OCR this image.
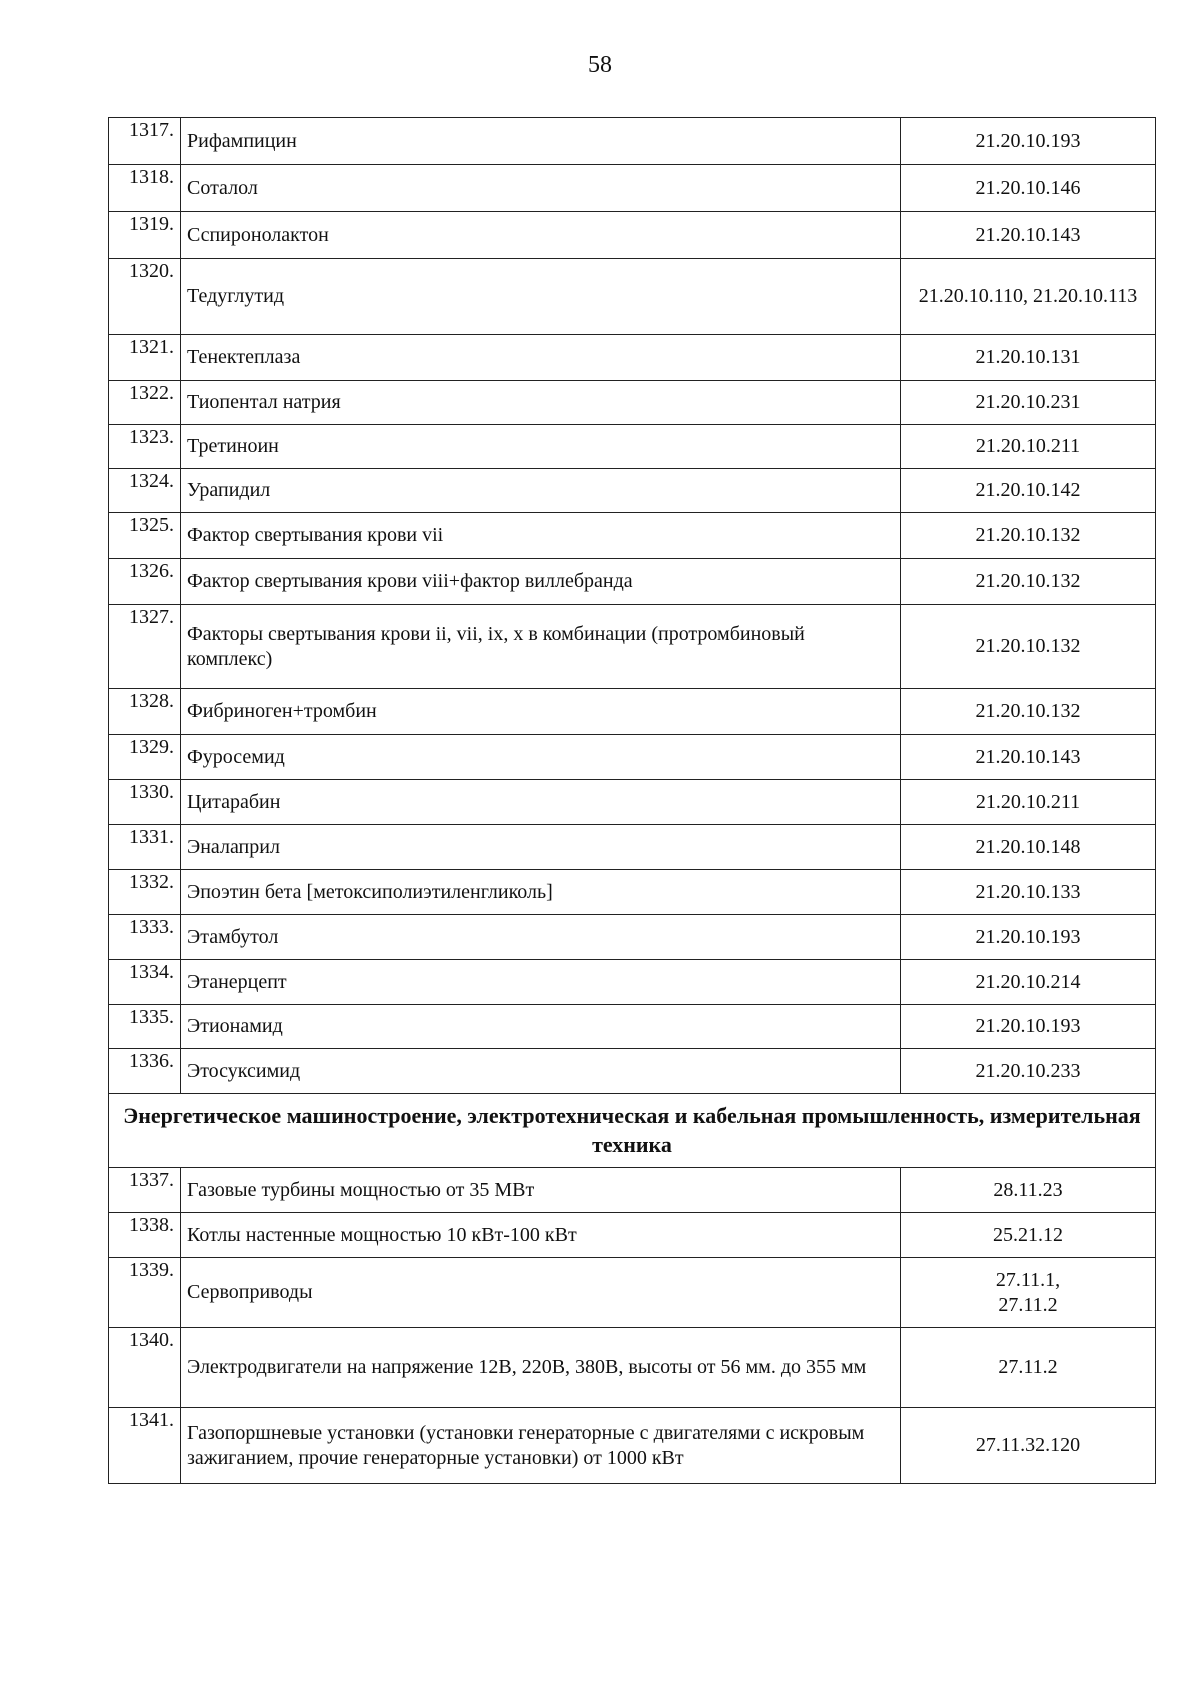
58
1317.	Рифампицин	21.20.10.193

1318.	Соталол	21.20.10.146

1319.	Сспиронолактон	21.20.10.143

1320.	Тедуглутид	21.20.10.110, 21.20.10.113

1321.	Тенектеплаза	21.20.10.131

1322.	Тиопентал натрия	21.20.10.231

1323.	Третиноин	21.20.10.211

1324.	Урапидил	21.20.10.142

1325.	Фактор свертывания крови vii	21.20.10.132

1326.	Фактор свертывания крови viii+фактор виллебранда	21.20.10.132

1327.	Факторы свертывания крови ii, vii, ix, x в комбинации (протромбиновый комплекс)	21.20.10.132

1328.	Фибриноген+тромбин	21.20.10.132

1329.	Фуросемид	21.20.10.143

1330.	Цитарабин	21.20.10.211

1331.	Эналаприл	21.20.10.148

1332.	Эпоэтин бета [метоксиполиэтиленгликоль]	21.20.10.133

1333.	Этамбутол	21.20.10.193

1334.	Этанерцепт	21.20.10.214

1335.	Этионамид	21.20.10.193

1336.	Этосуксимид	21.20.10.233

Энергетическое машиностроение, электротехническая и кабельная промышленность, измерительная техника		
1337.	Газовые турбины мощностью от 35 МВт	28.11.23

1338.	Котлы настенные мощностью 10 кВт-100 кВт	25.21.12

1339.	Сервоприводы	27.11.1,
27.11.2

1340.	Электродвигатели на напряжение 12В, 220В, 380В, высоты от 56 мм. до 355 мм	27.11.2

1341.	Газопоршневые установки (установки генераторные с двигателями с искровым зажиганием, прочие генераторные установки) от 1000 кВт	27.11.32.120
